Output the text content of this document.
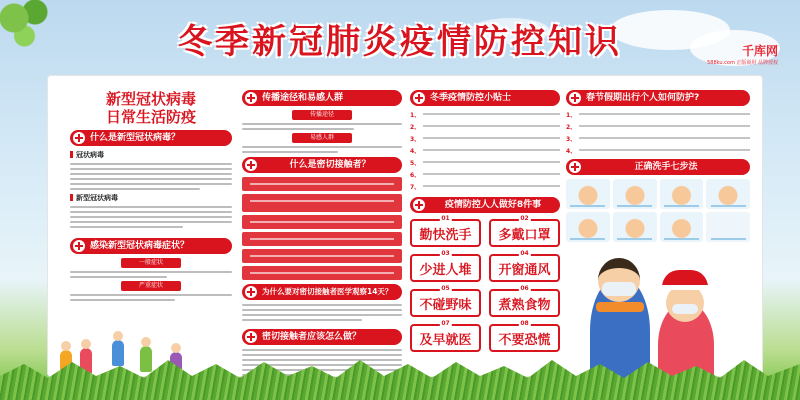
冬季新冠肺炎疫情防控知识	千库网
588ku.com 正版商用 品牌授权
新型冠状病毒
日常生活防疫
什么是新型冠状病毒？
冠状病毒
新型冠状病毒
感染新型冠状病毒症状？
一般症状
严重症状
传播途径和易感人群
传播途径
易感人群
什么是密切接触者？
为什么要对密切接触者医学观察14天？
密切接触者应该怎么做？
冬季疫情防控小贴士
1、
2、
3、
4、
5、
6、
7、
疫情防控人人做好8件事
01
勤快洗手
02
多戴口罩
03
少进人堆
04
开窗通风
05
不碰野味
06
煮熟食物
07
及早就医
08
不要恐慌
春节假期出行个人如何防护?
1、
2、
3、
4、
正确洗手七步法
